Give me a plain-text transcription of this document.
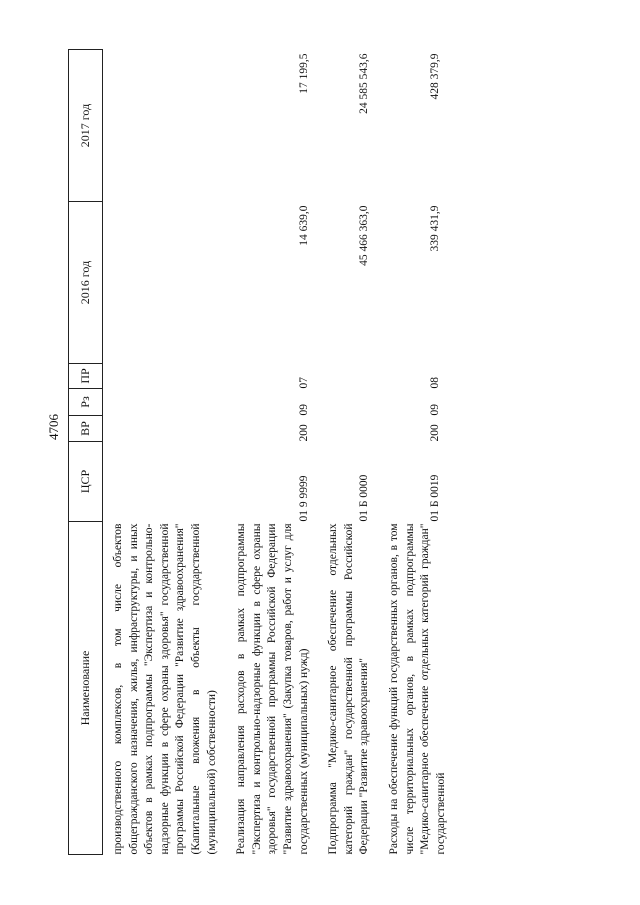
4706
Наименование	ЦСР	ВР	Рз	ПР	2016 год	2017 год
производственного комплексов, в том числе объектов общегражданского назначения, жилья, инфраструктуры, и иных объектов в рамках подпрограммы "Экспертиза и контрольно-надзорные функции в сфере охраны здоровья" государственной программы Российской Федерации "Развитие здравоохранения" (Капитальные вложения в объекты государственной (муниципальной) собственности)						
Реализация направления расходов в рамках подпрограммы "Экспертиза и контрольно-надзорные функции в сфере охраны здоровья" государственной программы Российской Федерации "Развитие здравоохранения" (Закупка товаров, работ и услуг для государственных (муниципальных) нужд)	01 9 9999	200	09	07	14 639,0	17 199,5
Подпрограмма "Медико-санитарное обеспечение отдельных категорий граждан" государственной программы Российской Федерации "Развитие здравоохранения"	01 Б 0000				45 466 363,0	24 585 543,6
Расходы на обеспечение функций государственных органов, в том числе территориальных органов, в рамках подпрограммы "Медико-санитарное обеспечение отдельных категорий граждан" государственной	01 Б 0019	200	09	08	339 431,9	428 379,9
